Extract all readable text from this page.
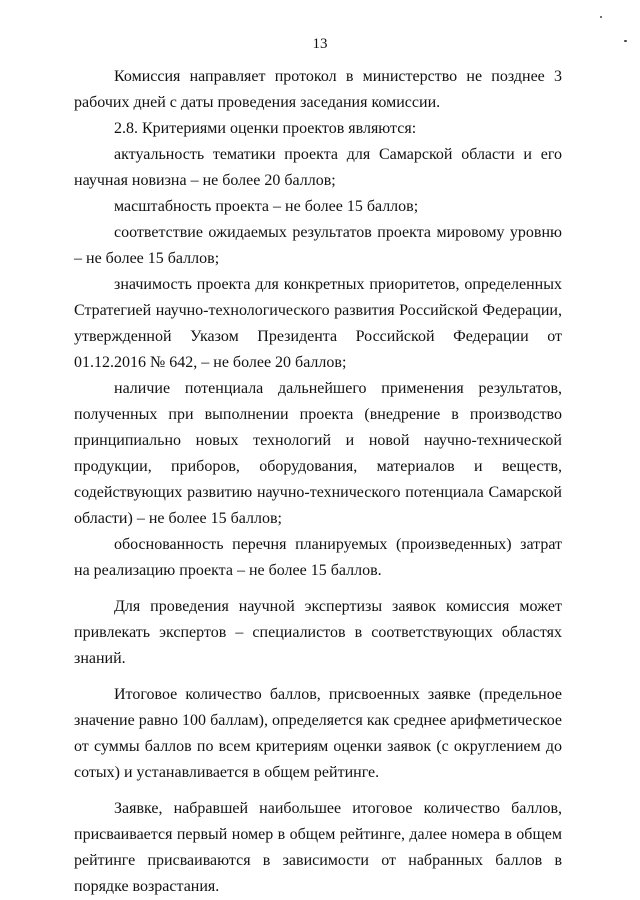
13

Комиссия направляет протокол в министерство не позднее 3 рабочих дней с даты проведения заседания комиссии.

2.8. Критериями оценки проектов являются:

актуальность тематики проекта для Самарской области и его научная новизна – не более 20 баллов;

масштабность проекта – не более 15 баллов;

соответствие ожидаемых результатов проекта мировому уровню – не более 15 баллов;

значимость проекта для конкретных приоритетов, определенных Стратегией научно-технологического развития Российской Федерации, утвержденной Указом Президента Российской Федерации от 01.12.2016 № 642, – не более 20 баллов;

наличие потенциала дальнейшего применения результатов, полученных при выполнении проекта (внедрение в производство принципиально новых технологий и новой научно-технической продукции, приборов, оборудования, материалов и веществ, содействующих развитию научно-технического потенциала Самарской области) – не более 15 баллов;

обоснованность перечня планируемых (произведенных) затрат на реализацию проекта – не более 15 баллов.

Для проведения научной экспертизы заявок комиссия может привлекать экспертов – специалистов в соответствующих областях знаний.

Итоговое количество баллов, присвоенных заявке (предельное значение равно 100 баллам), определяется как среднее арифметическое от суммы баллов по всем критериям оценки заявок (с округлением до сотых) и устанавливается в общем рейтинге.

Заявке, набравшей наибольшее итоговое количество баллов, присваивается первый номер в общем рейтинге, далее номера в общем рейтинге присваиваются в зависимости от набранных баллов в порядке возрастания.
